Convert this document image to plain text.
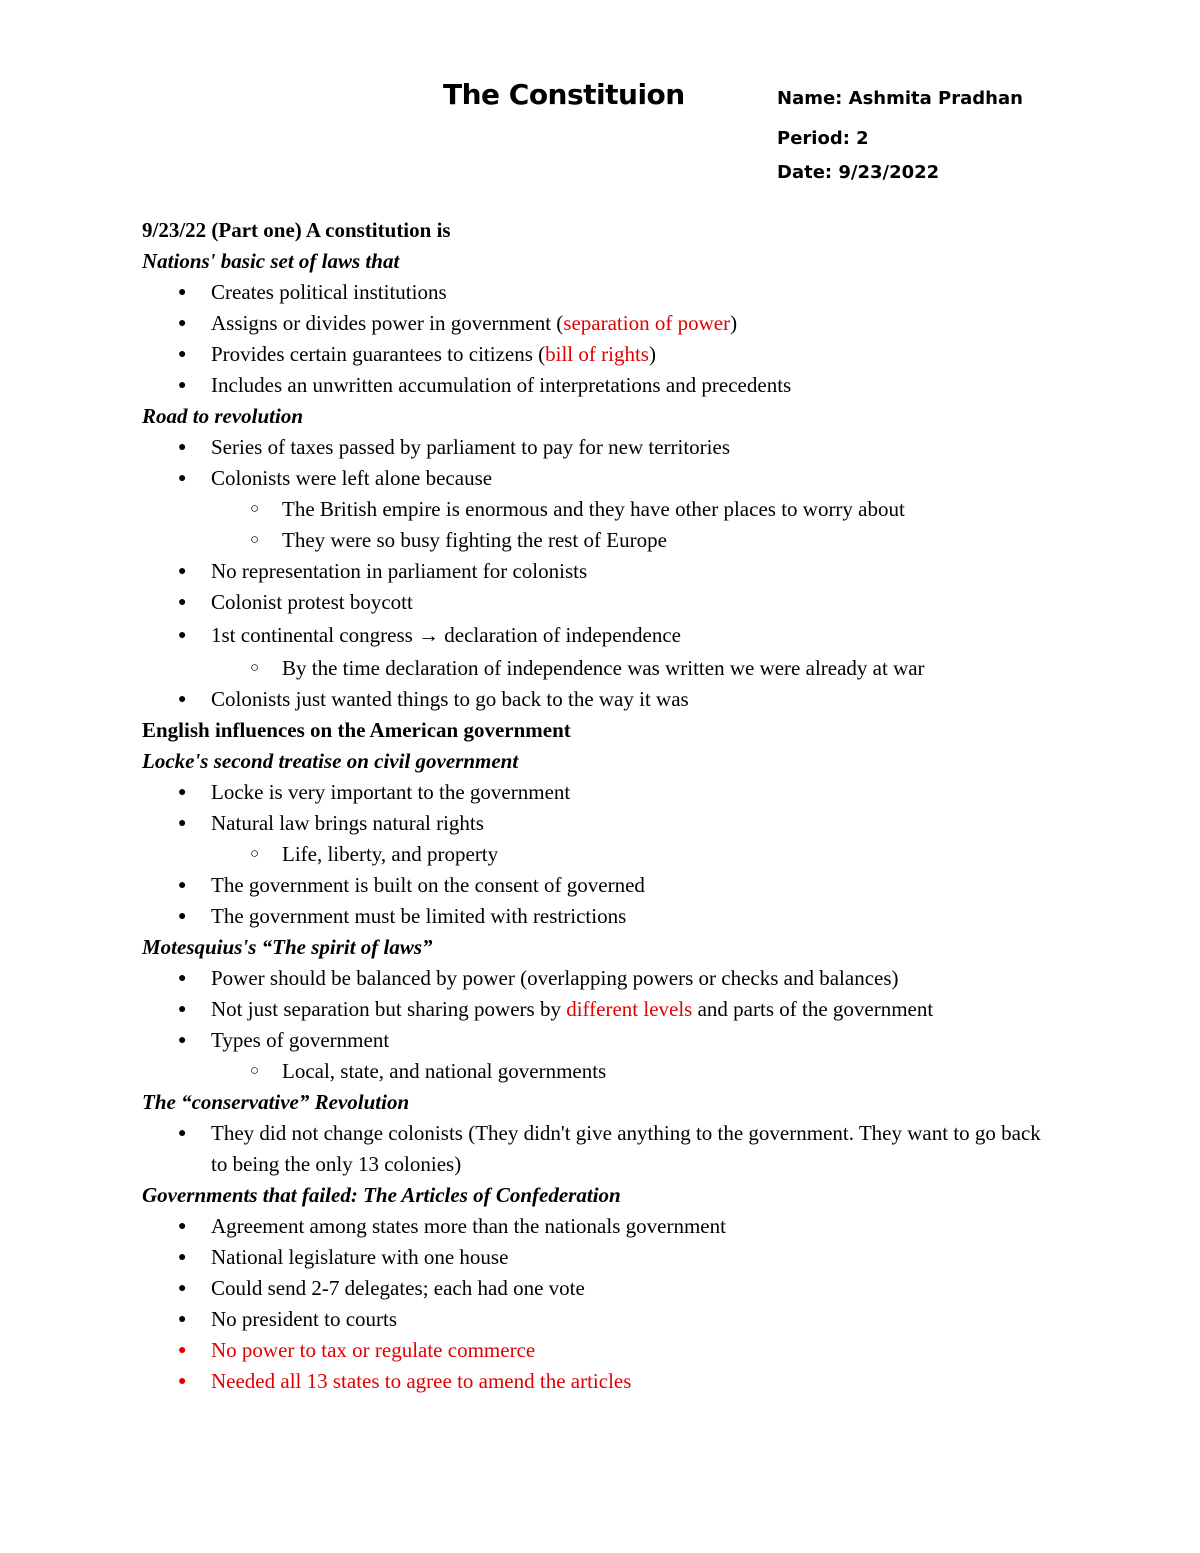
The Constituion	Name: Ashmita Pradhan
Period: 2
Date: 9/23/2022
9/23/22 (Part one) A constitution is
Nations' basic set of laws that
● Creates political institutions
● Assigns or divides power in government (separation of power)
● Provides certain guarantees to citizens (bill of rights)
● Includes an unwritten accumulation of interpretations and precedents
Road to revolution
● Series of taxes passed by parliament to pay for new territories
● Colonists were left alone because
○ The British empire is enormous and they have other places to worry about
○ They were so busy fighting the rest of Europe
● No representation in parliament for colonists
● Colonist protest boycott
● 1st continental congress → declaration of independence
○ By the time declaration of independence was written we were already at war
● Colonists just wanted things to go back to the way it was
English influences on the American government
Locke's second treatise on civil government
● Locke is very important to the government
● Natural law brings natural rights
○ Life, liberty, and property
● The government is built on the consent of governed
● The government must be limited with restrictions
Motesquius's “The spirit of laws”
● Power should be balanced by power (overlapping powers or checks and balances)
● Not just separation but sharing powers by different levels and parts of the government
● Types of government
○ Local, state, and national governments
The “conservative” Revolution
● They did not change colonists (They didn't give anything to the government. They want to go back to being the only 13 colonies)
Governments that failed: The Articles of Confederation
● Agreement among states more than the nationals government
● National legislature with one house
● Could send 2-7 delegates; each had one vote
● No president to courts
● No power to tax or regulate commerce
● Needed all 13 states to agree to amend the articles
